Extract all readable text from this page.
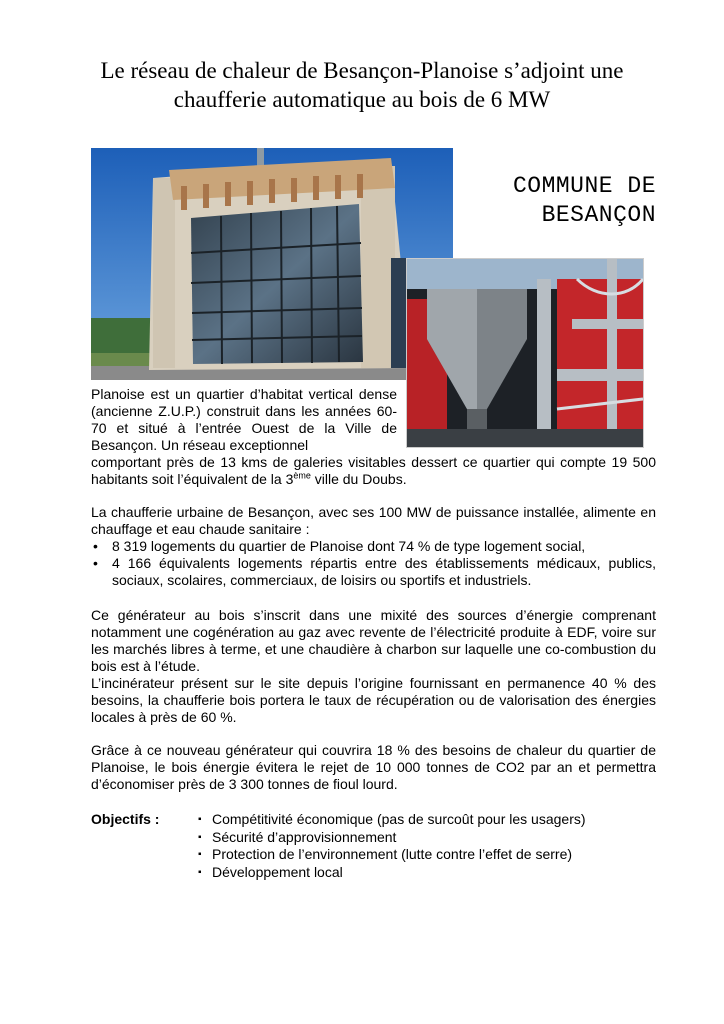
Le réseau de chaleur de Besançon-Planoise s’adjoint une
chaufferie automatique au bois de 6 MW
COMMUNE DE
BESANÇON

Planoise est un quartier d’habitat vertical dense (ancienne Z.U.P.) construit dans les années 60-70 et situé à l’entrée Ouest de la Ville de Besançon. Un réseau exceptionnel

comportant près de 13 kms de galeries visitables dessert ce quartier qui compte 19 500 habitants soit l’équivalent de la 3ème ville du Doubs.

La chaufferie urbaine de Besançon, avec ses 100 MW de puissance installée, alimente en chauffage et eau chaude sanitaire :

• 8 319 logements du quartier de Planoise dont 74 % de type logement social,
• 4 166 équivalents logements répartis entre des établissements médicaux, publics, sociaux, scolaires, commerciaux, de loisirs ou sportifs et industriels.

Ce générateur au bois s’inscrit dans une mixité des sources d’énergie comprenant notamment une cogénération au gaz avec revente de l’électricité produite à EDF, voire sur les marchés libres à terme, et une chaudière à charbon sur laquelle une co-combustion du bois est à l’étude.

L’incinérateur présent sur le site depuis l’origine fournissant en permanence 40 % des besoins, la chaufferie bois portera le taux de récupération ou de valorisation des énergies locales à près de 60 %.

Grâce à ce nouveau générateur qui couvrira 18 % des besoins de chaleur du quartier de Planoise, le bois énergie évitera le rejet de 10 000 tonnes de CO2 par an et permettra d’économiser près de 3 300 tonnes de fioul lourd.

Objectifs :
▪	Compétitivité économique (pas de surcoût pour les usagers)
▪ Sécurité d’approvisionnement
▪ Protection de l’environnement (lutte contre l’effet de serre)
▪ Développement local
